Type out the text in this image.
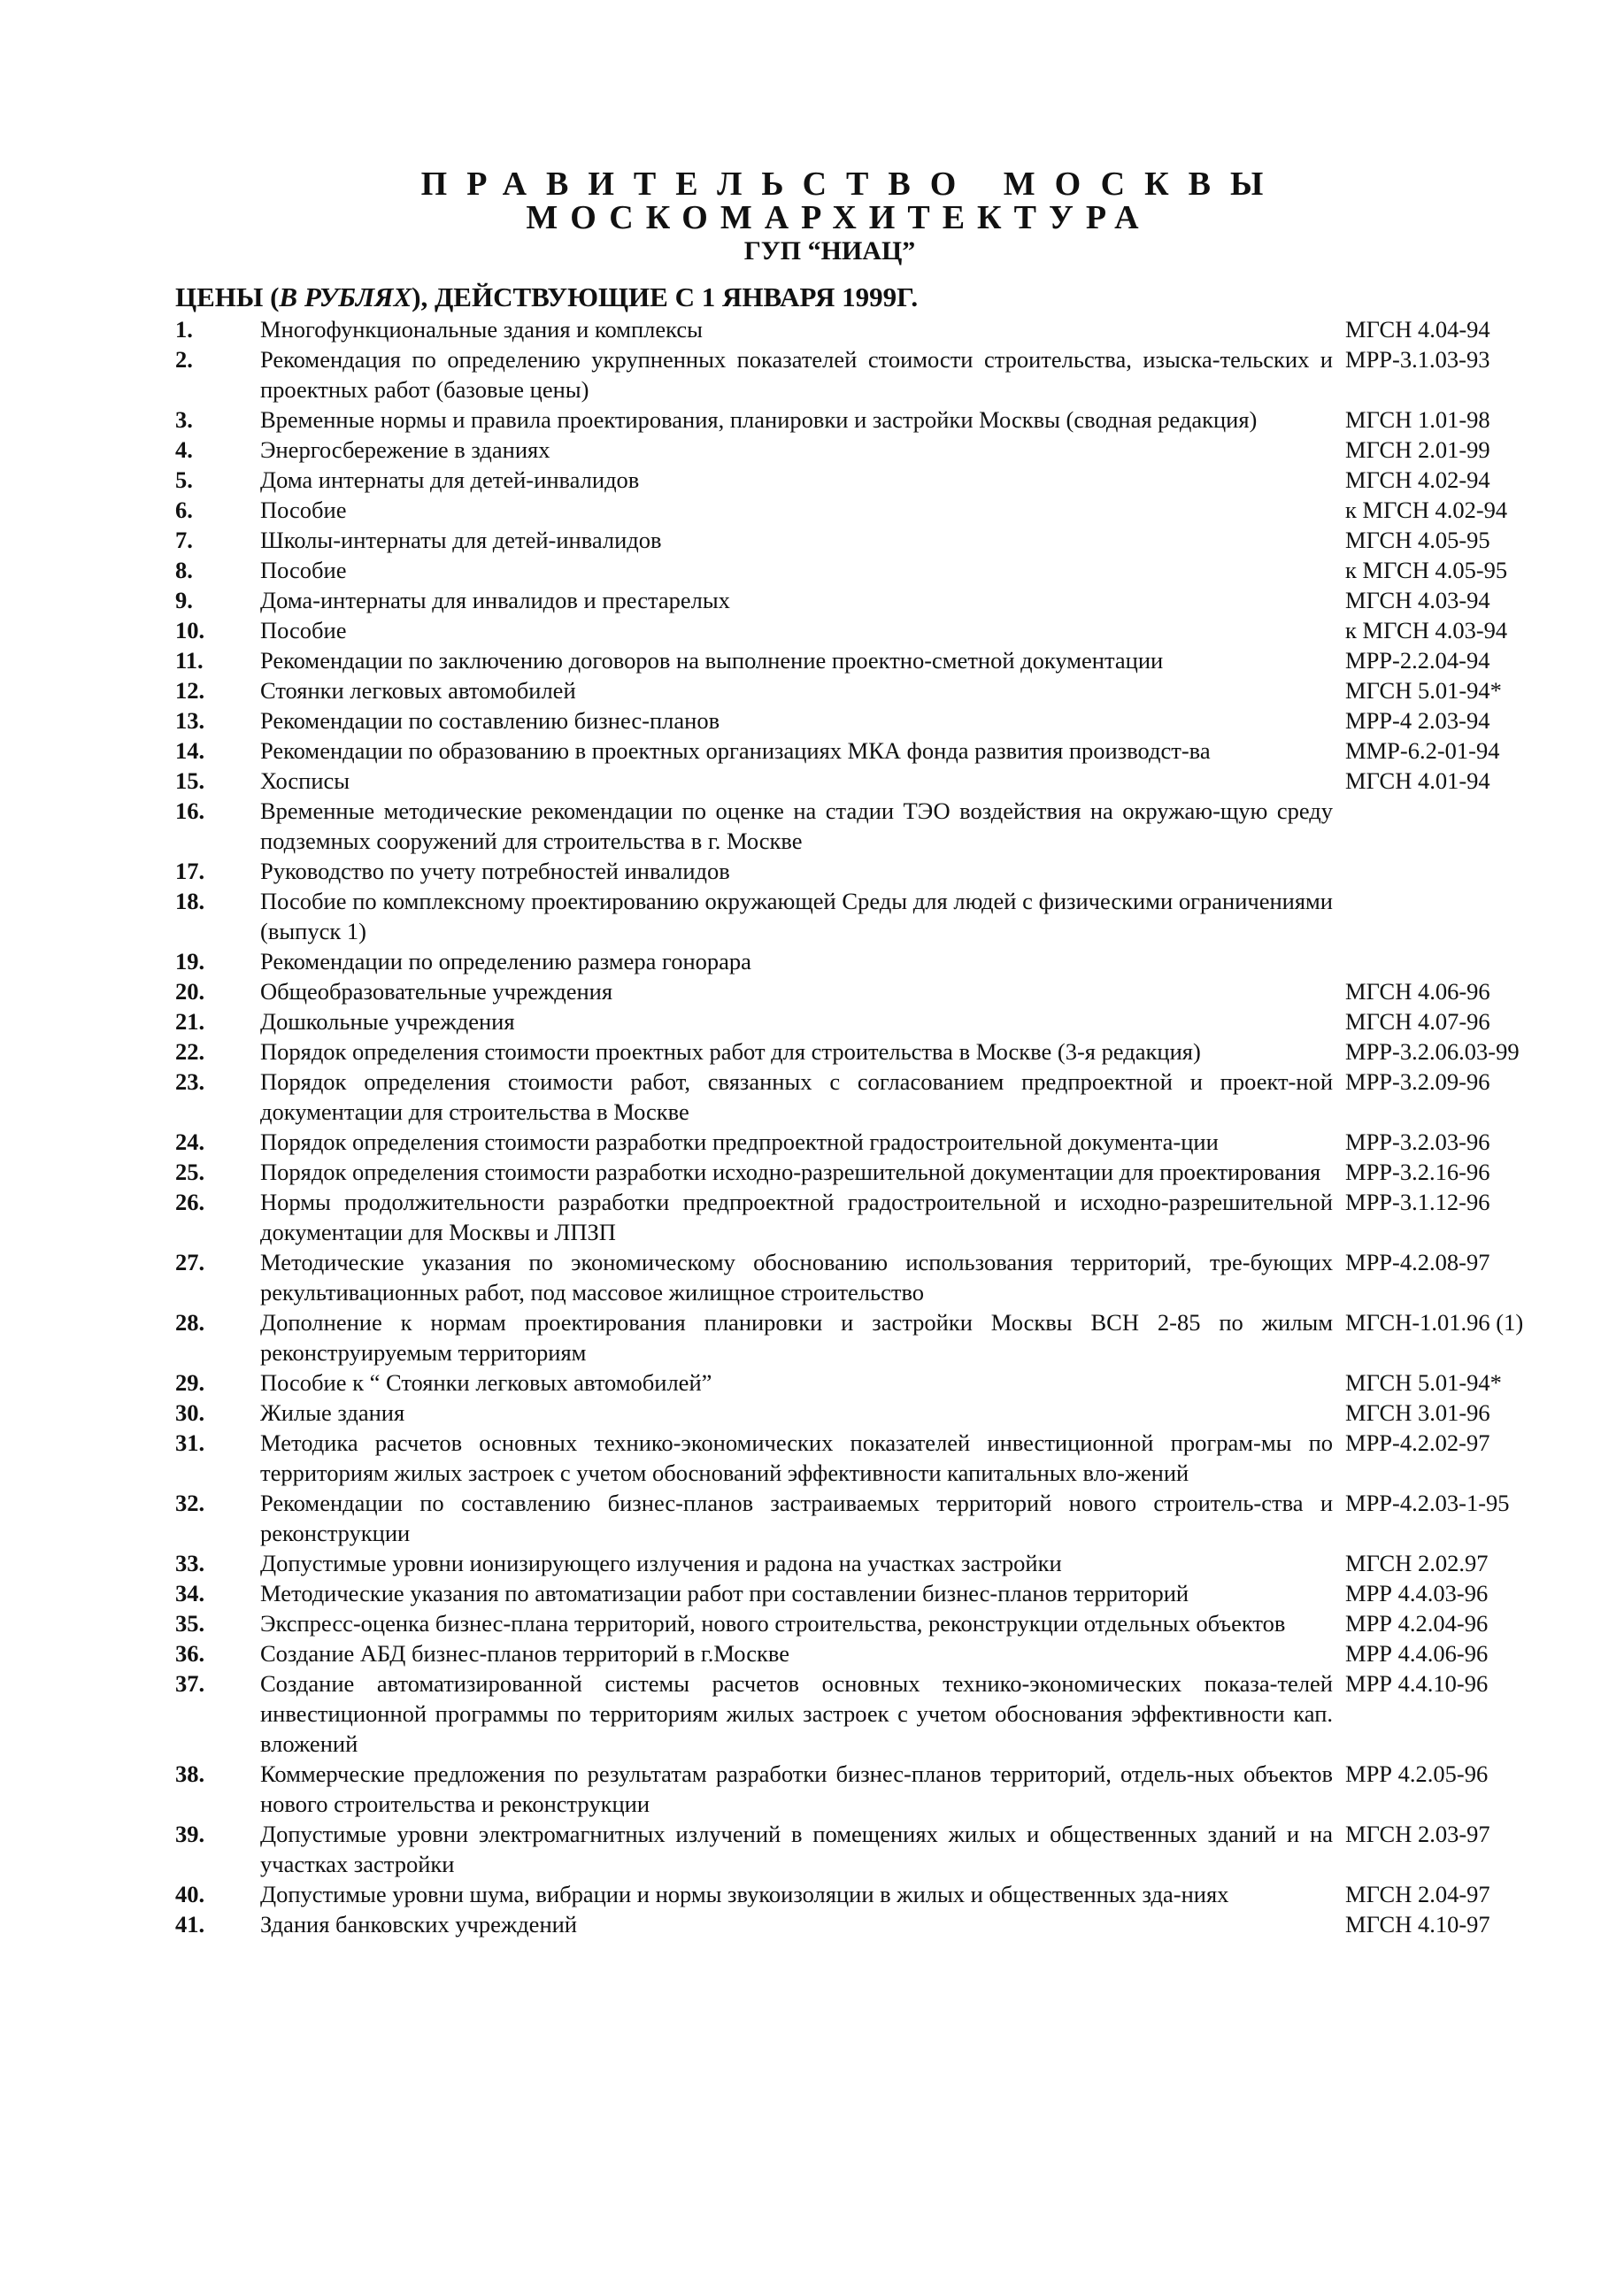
ПРАВИТЕЛЬСТВО МОСКВЫ
МОСКОМАРХИТЕКТУРА
ГУП “НИАЦ”
ЦЕНЫ (В РУБЛЯХ), ДЕЙСТВУЮЩИЕ С 1 ЯНВАРЯ 1999Г.
1.	Многофункциональные здания и комплексы	МГСН 4.04-94
2.	Рекомендация по определению укрупненных показателей стоимости строительства, изыска-тельских и проектных работ (базовые цены)
МРР-3.1.03-93
3.	Временные нормы и правила проектирования, планировки и застройки Москвы (сводная редакция)	МГСН 1.01-98
4.	Энергосбережение в зданиях	МГСН 2.01-99
5.	Дома интернаты для детей-инвалидов	МГСН 4.02-94
6.	Пособие	к МГСН 4.02-94
7.	Школы-интернаты для детей-инвалидов	МГСН 4.05-95
8.	Пособие	к МГСН 4.05-95
9.	Дома-интернаты для инвалидов и престарелых	МГСН 4.03-94
10.	Пособие	к МГСН 4.03-94
11.	Рекомендации по заключению договоров на выполнение проектно-сметной документации	МРР-2.2.04-94
12.	Стоянки легковых автомобилей	МГСН 5.01-94*
13.	Рекомендации по составлению бизнес-планов	МРР-4 2.03-94
14.	Рекомендации по образованию в проектных организациях МКА фонда развития производст-ва	ММР-6.2-01-94
15.	Хосписы	МГСН 4.01-94
16.	Временные методические рекомендации по оценке на стадии ТЭО воздействия на окружаю-щую среду подземных сооружений для строительства в г. Москве
17.	Руководство по учету потребностей инвалидов
18.	Пособие по комплексному проектированию окружающей Среды для людей с физическими ограничениями (выпуск 1)
19.	Рекомендации по определению размера гонорара
20.	Общеобразовательные учреждения	МГСН 4.06-96
21.	Дошкольные учреждения	МГСН 4.07-96
22.	Порядок определения стоимости проектных работ для строительства в Москве (3-я редакция)	МРР-3.2.06.03-99
23.	Порядок определения стоимости работ, связанных с согласованием предпроектной и проект-ной документации для строительства в Москве
МРР-3.2.09-96
24.	Порядок определения стоимости разработки предпроектной градостроительной документа-ции	МРР-3.2.03-96
25.	Порядок определения стоимости разработки исходно-разрешительной документации для проектирования	МРР-3.2.16-96
26.	Нормы продолжительности разработки предпроектной градостроительной и исходно-разрешительной документации для Москвы и ЛПЗП
МРР-3.1.12-96
27.	Методические указания по экономическому обоснованию использования территорий, тре-бующих рекультивационных работ, под массовое жилищное строительство
МРР-4.2.08-97
28.	Дополнение к нормам проектирования планировки и застройки Москвы ВСН 2-85 по жилым реконструируемым территориям
МГСН-1.01.96 (1)
29.	Пособие к “ Стоянки легковых автомобилей”	МГСН 5.01-94*
30.	Жилые здания	МГСН 3.01-96
31.	Методика расчетов основных технико-экономических показателей инвестиционной програм-мы по территориям жилых застроек с учетом обоснований эффективности капитальных вло-жений
МРР-4.2.02-97
32.	Рекомендации по составлению бизнес-планов застраиваемых территорий нового строитель-ства и реконструкции
МРР-4.2.03-1-95
33.	Допустимые уровни ионизирующего излучения и радона на участках застройки	МГСН 2.02.97
34.	Методические указания по автоматизации работ при составлении бизнес-планов территорий	МРР 4.4.03-96
35.	Экспресс-оценка бизнес-плана территорий, нового строительства, реконструкции отдельных объектов	МРР 4.2.04-96
36.	Создание АБД бизнес-планов территорий в г.Москве	МРР 4.4.06-96
37.	Создание автоматизированной системы расчетов основных технико-экономических показа-телей инвестиционной программы по территориям жилых застроек с учетом обоснования эффективности кап. вложений
МРР 4.4.10-96
38.	Коммерческие предложения по результатам разработки бизнес-планов территорий, отдель-ных объектов нового строительства и реконструкции
МРР 4.2.05-96
39.	Допустимые уровни электромагнитных излучений в помещениях жилых и общественных зданий и на участках застройки
МГСН 2.03-97
40.	Допустимые уровни шума, вибрации и нормы звукоизоляции в жилых и общественных зда-ниях	МГСН 2.04-97
41.	Здания банковских учреждений	МГСН 4.10-97
